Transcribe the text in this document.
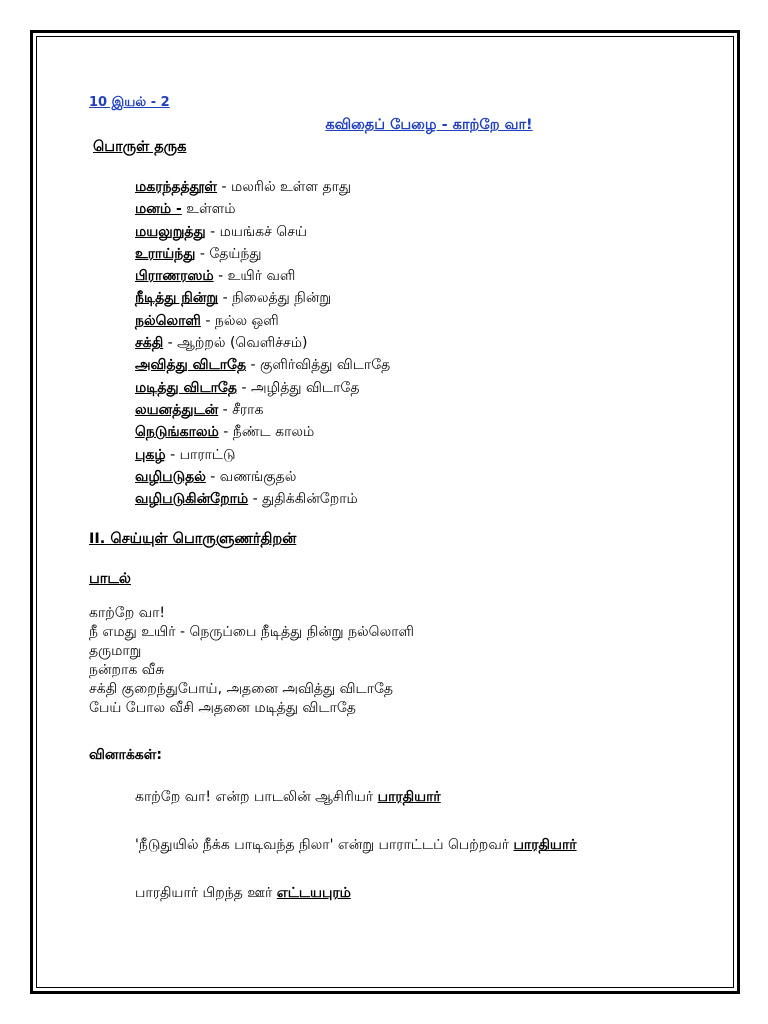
10 இயல் - 2
கவிதைப் பேழை - காற்றே வா!
பொருள் தருக
மகரந்தத்தூள் - மலரில் உள்ள தாது
மனம் - உள்ளம்
மயலுறுத்து - மயங்கச் செய்
உராய்ந்து - தேய்ந்து
பிராணரஸம் - உயிர் வளி
நீடித்து நின்று - நிலைத்து நின்று
நல்லொளி - நல்ல ஒளி
சக்தி - ஆற்றல் (வெளிச்சம்)
அவித்து விடாதே - குளிர்வித்து விடாதே
மடித்து விடாதே - அழித்து விடாதே
லயனத்துடன் - சீராக
நெடுங்காலம் - நீண்ட காலம்
புகழ் - பாராட்டு
வழிபடுதல் - வணங்குதல்
வழிபடுகின்றோம் - துதிக்கின்றோம்
II. செய்யுள் பொருளுணர்திறன்
பாடல்
காற்றே வா!
நீ எமது உயிர் - நெருப்பை நீடித்து நின்று நல்லொளி
தருமாறு
நன்றாக வீசு
சக்தி குறைந்துபோய், அதனை அவித்து விடாதே
பேய் போல வீசி அதனை மடித்து விடாதே
வினாக்கள்:
காற்றே வா! என்ற பாடலின் ஆசிரியர் பாரதியார்
'நீடுதுயில் நீக்க பாடிவந்த நிலா' என்று பாராட்டப் பெற்றவர் பாரதியார்
பாரதியார் பிறந்த ஊர் எட்டயபுரம்
